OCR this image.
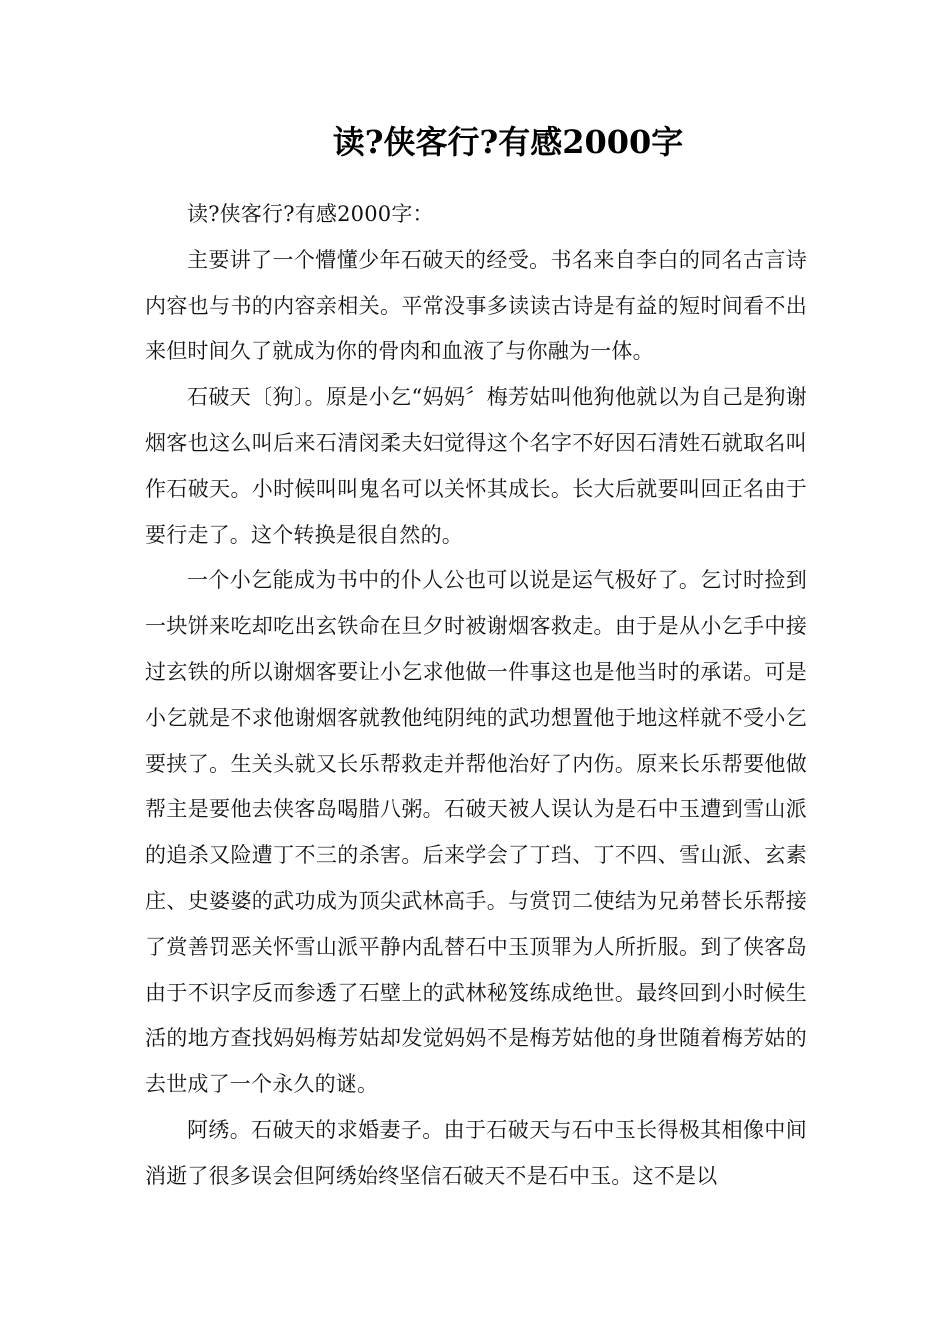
读?侠客行?有感2000字

读?侠客行?有感2000字：

主要讲了一个懵懂少年石破天的经受。书名来自李白的同名古言诗内容也与书的内容亲相关。平常没事多读读古诗是有益的短时间看不出来但时间久了就成为你的骨肉和血液了与你融为一体。

石破天〔狗〕。原是小乞“妈妈〞梅芳姑叫他狗他就以为自己是狗谢烟客也这么叫后来石清闵柔夫妇觉得这个名字不好因石清姓石就取名叫作石破天。小时候叫叫鬼名可以关怀其成长。长大后就要叫回正名由于要行走了。这个转换是很自然的。

一个小乞能成为书中的仆人公也可以说是运气极好了。乞讨时捡到一块饼来吃却吃出玄铁命在旦夕时被谢烟客救走。由于是从小乞手中接过玄铁的所以谢烟客要让小乞求他做一件事这也是他当时的承诺。可是小乞就是不求他谢烟客就教他纯阴纯的武功想置他于地这样就不受小乞要挟了。生关头就又长乐帮救走并帮他治好了内伤。原来长乐帮要他做帮主是要他去侠客岛喝腊八粥。石破天被人误认为是石中玉遭到雪山派的追杀又险遭丁不三的杀害。后来学会了丁珰、丁不四、雪山派、玄素庄、史婆婆的武功成为顶尖武林高手。与赏罚二使结为兄弟替长乐帮接了赏善罚恶关怀雪山派平静内乱替石中玉顶罪为人所折服。到了侠客岛由于不识字反而参透了石壁上的武林秘笈练成绝世。最终回到小时候生活的地方查找妈妈梅芳姑却发觉妈妈不是梅芳姑他的身世随着梅芳姑的去世成了一个永久的谜。

阿绣。石破天的求婚妻子。由于石破天与石中玉长得极其相像中间消逝了很多误会但阿绣始终坚信石破天不是石中玉。这不是以
